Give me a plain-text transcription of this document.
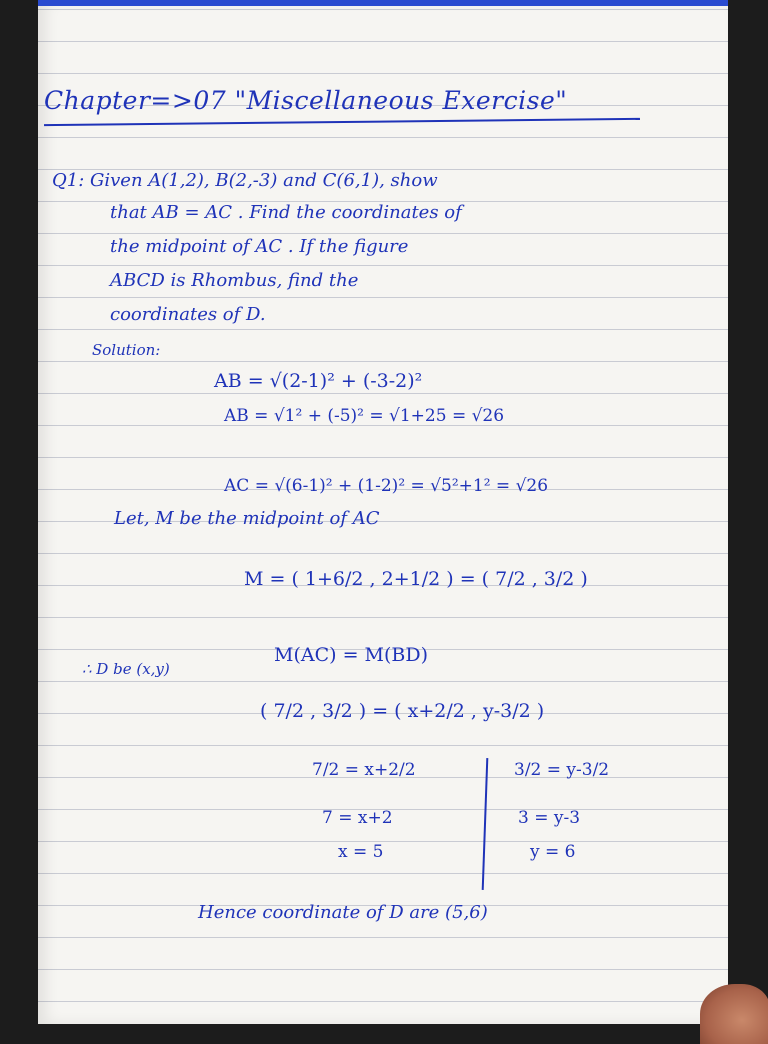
Chapter=>07 "Miscellaneous Exercise"
Q1: Given A(1,2), B(2,-3) and C(6,1), show
that AB = AC . Find the coordinates of
the midpoint of AC . If the figure
ABCD is Rhombus, find the
coordinates of D.
Solution:
AB = √(2-1)² + (-3-2)²
AB = √1² + (-5)² = √1+25 = √26
AC = √(6-1)² + (1-2)² = √5²+1² = √26
Let, M be the midpoint of AC
M = ( 1+6/2 , 2+1/2 ) = ( 7/2 , 3/2 )
∴ D be (x,y)
M(AC) = M(BD)
( 7/2 , 3/2 ) = ( x+2/2 , y-3/2 )
7/2 = x+2/2
7 = x+2
x = 5
3/2 = y-3/2
3 = y-3
y = 6
Hence coordinate of D are (5,6)
